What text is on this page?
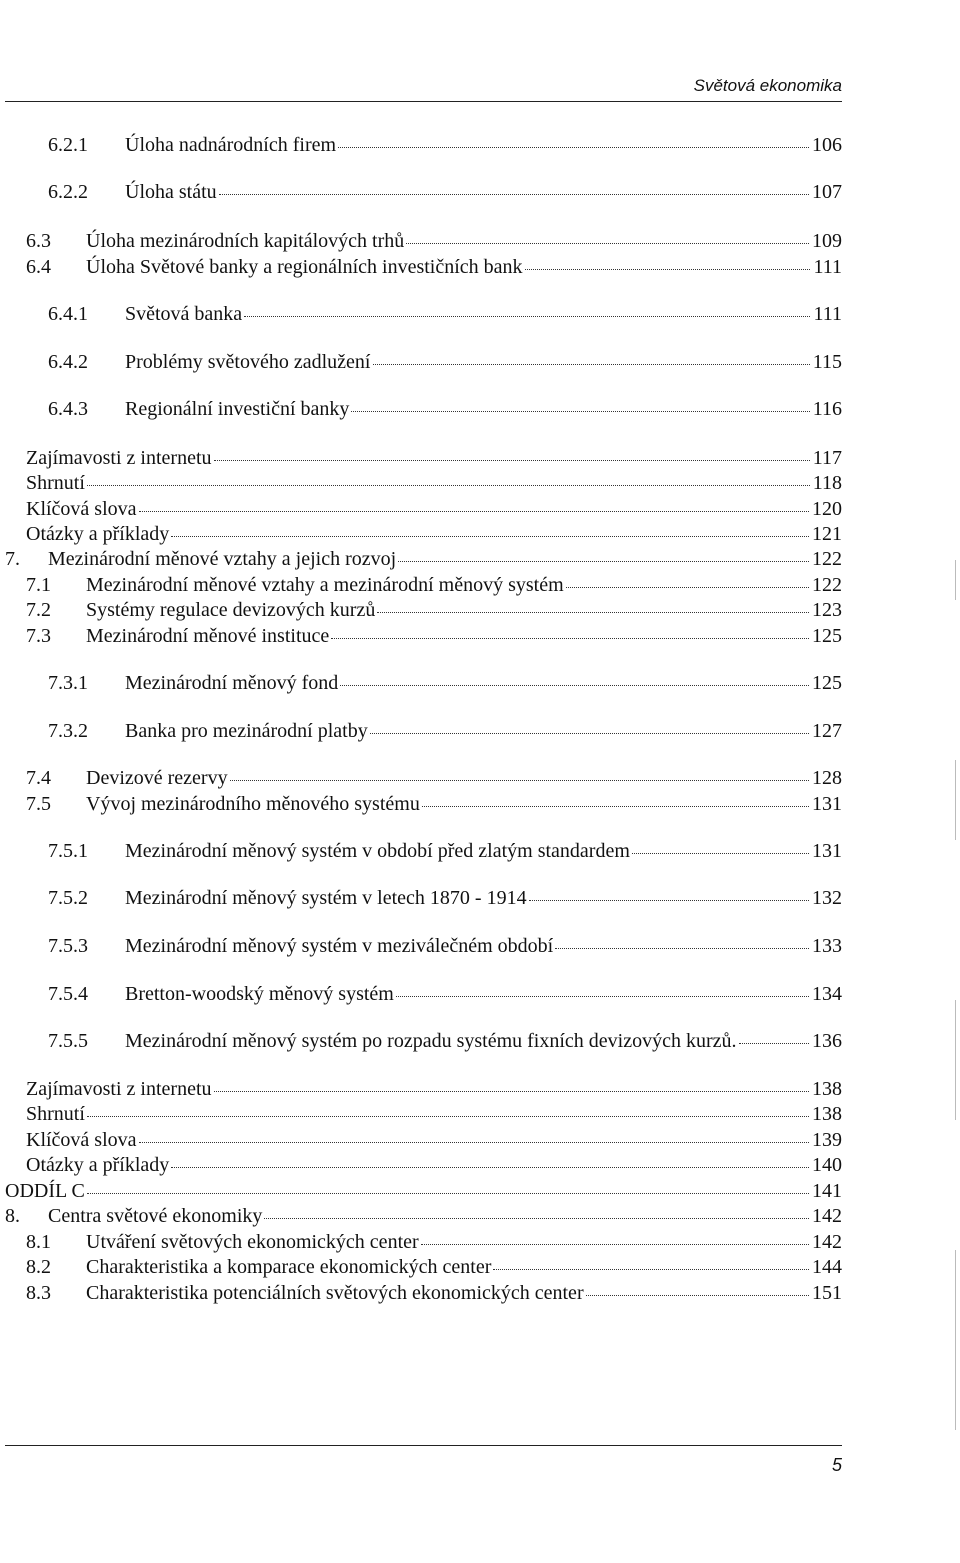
Světová ekonomika
6.2.1	Úloha nadnárodních firem	106
6.2.2	Úloha státu	107
6.3	Úloha mezinárodních kapitálových trhů	109
6.4	Úloha Světové banky a regionálních investičních bank	111
6.4.1	Světová banka	111
6.4.2	Problémy světového zadlužení	115
6.4.3	Regionální investiční banky	116
Zajímavosti z internetu	117
Shrnutí	118
Klíčová slova	120
Otázky a příklady	121
7.	Mezinárodní měnové vztahy a jejich rozvoj	122
7.1	Mezinárodní měnové vztahy a mezinárodní měnový systém	122
7.2	Systémy regulace devizových kurzů	123
7.3	Mezinárodní měnové instituce	125
7.3.1	Mezinárodní měnový fond	125
7.3.2	Banka pro mezinárodní platby	127
7.4	Devizové rezervy	128
7.5	Vývoj mezinárodního měnového systému	131
7.5.1	Mezinárodní měnový systém v období před zlatým standardem	131
7.5.2	Mezinárodní měnový systém v letech 1870 - 1914	132
7.5.3	Mezinárodní měnový systém v meziválečném období	133
7.5.4	Bretton-woodský měnový systém	134
7.5.5	Mezinárodní měnový systém po rozpadu systému fixních devizových kurzů.	136
Zajímavosti z internetu	138
Shrnutí	138
Klíčová slova	139
Otázky a příklady	140
ODDÍL C	141
8.	Centra světové ekonomiky	142
8.1	Utváření světových ekonomických center	142
8.2	Charakteristika a komparace ekonomických center	144
8.3	Charakteristika potenciálních světových ekonomických center	151
5
